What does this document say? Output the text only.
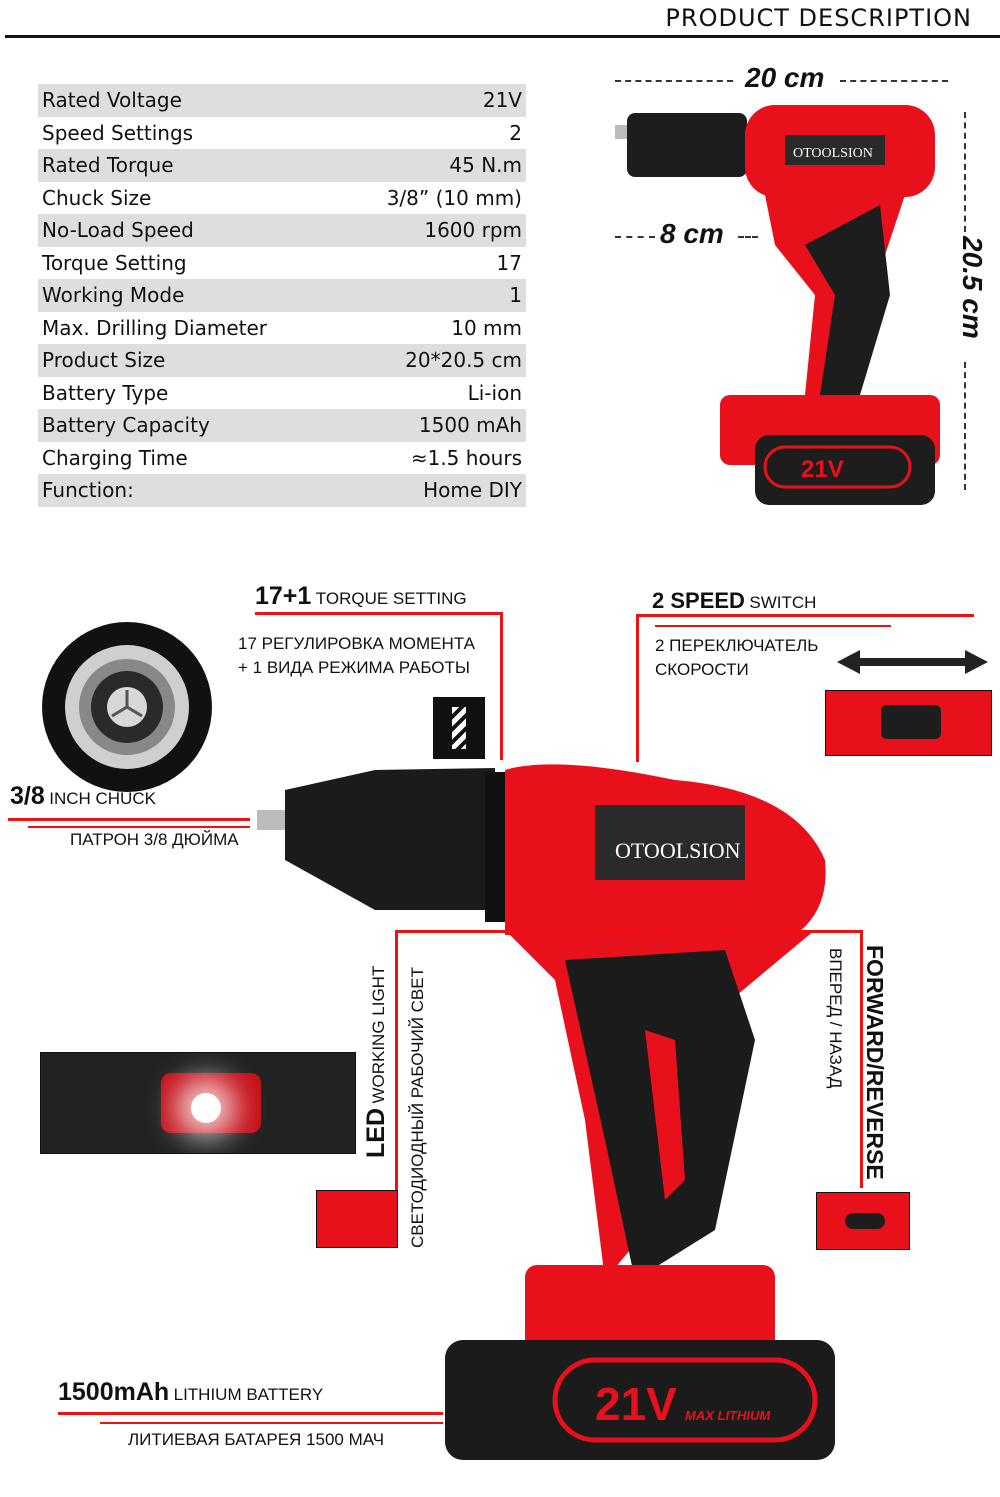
PRODUCT DESCRIPTION
Rated Voltage	21V
Speed Settings	2
Rated Torque	45 N.m
Chuck Size	3/8” (10 mm)
No-Load Speed	1600 rpm
Torque Setting	17
Working Mode	1
Max. Drilling Diameter	10 mm
Product Size	20*20.5 cm
Battery Type	Li-ion
Battery Capacity	1500 mAh
Charging Time	≈1.5 hours
Function:	Home DIY
20 cm
8 cm
20.5 cm
OTOOLSION
21V
17+1 TORQUE SETTING
17 РЕГУЛИРОВКА МОМЕНТА
+ 1 ВИДА РЕЖИМА РАБОТЫ
2 SPEED SWITCH
2 ПЕРЕКЛЮЧАТЕЛЬ
СКОРОСТИ
3/8 INCH CHUCK
ПАТРОН 3/8 ДЮЙМА	OTOOLSION
21V MAX LITHIUM
LED WORKING LIGHT СВЕТОДИОДНЫЙ РАБОЧИЙ СВЕТ	FORWARD/REVERSE
ВПЕРЕД / НАЗАД
1500mAh LITHIUM BATTERY
ЛИТИЕВАЯ БАТАРЕЯ 1500 МАЧ
